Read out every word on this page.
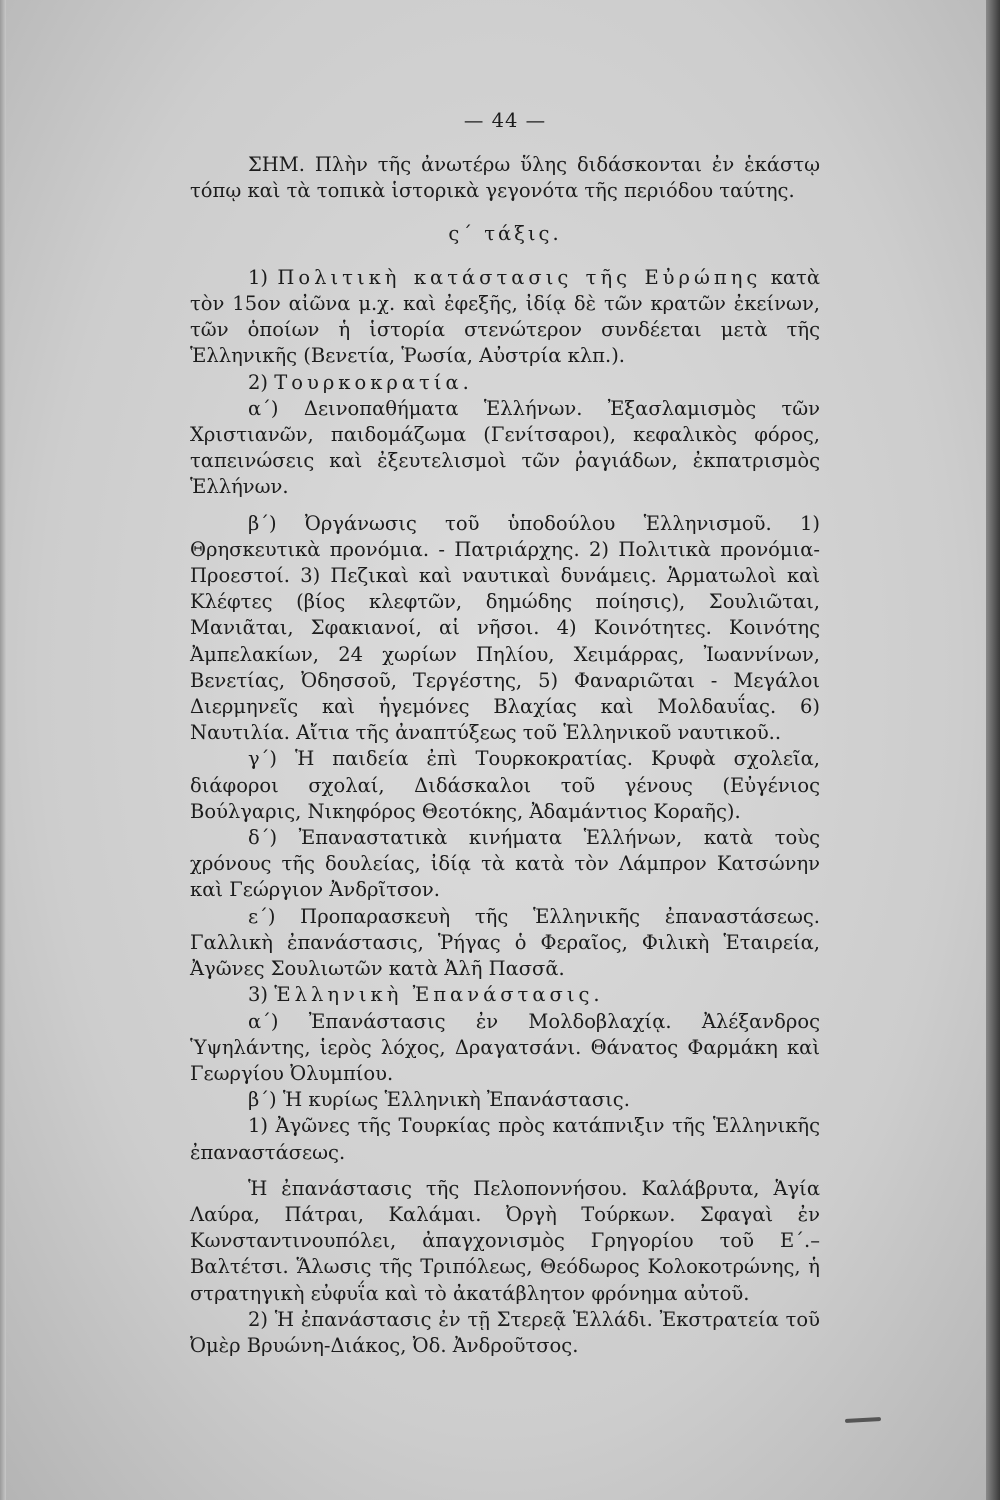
— 44 —

ΣΗΜ. Πλὴν τῆς ἀνωτέρω ὕλης διδάσκονται ἐν ἑκάστῳ τόπῳ καὶ τὰ τοπικὰ ἱστορικὰ γεγονότα τῆς περιόδου ταύτης.

ς´ τάξις.

1) Πολιτικὴ κατάστασις τῆς Εὐρώπης κατὰ τὸν 15ον αἰῶνα μ.χ. καὶ ἐφεξῆς, ἰδίᾳ δὲ τῶν κρατῶν ἐκείνων, τῶν ὁποίων ἡ ἱστορία στενώτερον συνδέεται μετὰ τῆς Ἑλληνικῆς (Βενετία, Ῥωσία, Αὐστρία κλπ.).

2) Τουρκοκρατία.

α´) Δεινοπαθήματα Ἑλλήνων. Ἐξασλαμισμὸς τῶν Χριστιανῶν, παιδομάζωμα (Γενίτσαροι), κεφαλικὸς φόρος, ταπεινώσεις καὶ ἐξευτελισμοὶ τῶν ῥαγιάδων, ἐκπατρισμὸς Ἑλλήνων.

β´) Ὀργάνωσις τοῦ ὑποδούλου Ἑλληνισμοῦ. 1) Θρησκευτικὰ προνόμια. - Πατριάρχης. 2) Πολιτικὰ προνόμια-Προεστοί. 3) Πεζικαὶ καὶ ναυτικαὶ δυνάμεις. Ἁρματωλοὶ καὶ Κλέφτες (βίος κλεφτῶν, δημώδης ποίησις), Σουλιῶται, Μανιᾶται, Σφακιανοί, αἱ νῆσοι. 4) Κοινότητες. Κοινότης Ἀμπελακίων, 24 χωρίων Πηλίου, Χειμάρρας, Ἰωαννίνων, Βενετίας, Ὀδησσοῦ, Τεργέστης, 5) Φαναριῶται - Μεγάλοι Διερμηνεῖς καὶ ἡγεμόνες Βλαχίας καὶ Μολδαυΐας. 6) Ναυτιλία. Αἴτια τῆς ἀναπτύξεως τοῦ Ἑλληνικοῦ ναυτικοῦ..

γ´) Ἡ παιδεία ἐπὶ Τουρκοκρατίας. Κρυφὰ σχολεῖα, διάφοροι σχολαί, Διδάσκαλοι τοῦ γένους (Εὐγένιος Βούλγαρις, Νικηφόρος Θεοτόκης, Ἀδαμάντιος Κοραῆς).

δ´) Ἐπαναστατικὰ κινήματα Ἑλλήνων, κατὰ τοὺς χρόνους τῆς δουλείας, ἰδίᾳ τὰ κατὰ τὸν Λάμπρον Κατσώνην καὶ Γεώργιον Ἀνδρῖτσον.

ε´) Προπαρασκευὴ τῆς Ἑλληνικῆς ἐπαναστάσεως. Γαλλικὴ ἐπανάστασις, Ῥήγας ὁ Φεραῖος, Φιλικὴ Ἑταιρεία, Ἀγῶνες Σουλιωτῶν κατὰ Ἀλῆ Πασσᾶ.

3) Ἑλληνικὴ Ἐπανάστασις.

α´) Ἐπανάστασις ἐν Μολδοβλαχίᾳ. Ἀλέξανδρος Ὑψηλάντης, ἱερὸς λόχος, Δραγατσάνι. Θάνατος Φαρμάκη καὶ Γεωργίου Ὀλυμπίου.

β´) Ἡ κυρίως Ἑλληνικὴ Ἐπανάστασις.

1) Ἀγῶνες τῆς Τουρκίας πρὸς κατάπνιξιν τῆς Ἑλληνικῆς ἐπαναστάσεως.

Ἡ ἐπανάστασις τῆς Πελοποννήσου. Καλάβρυτα, Ἁγία Λαύρα, Πάτραι, Καλάμαι. Ὀργὴ Τούρκων. Σφαγαὶ ἐν Κωνσταντινουπόλει, ἀπαγχονισμὸς Γρηγορίου τοῦ Ε´.–Βαλτέτσι. Ἅλωσις τῆς Τριπόλεως, Θεόδωρος Κολοκοτρώνης, ἡ στρατηγικὴ εὐφυΐα καὶ τὸ ἀκατάβλητον φρόνημα αὐτοῦ.

2) Ἡ ἐπανάστασις ἐν τῇ Στερεᾷ Ἑλλάδι. Ἐκστρατεία τοῦ Ὀμὲρ Βρυώνη-Διάκος, Ὀδ. Ἀνδροῦτσος.
